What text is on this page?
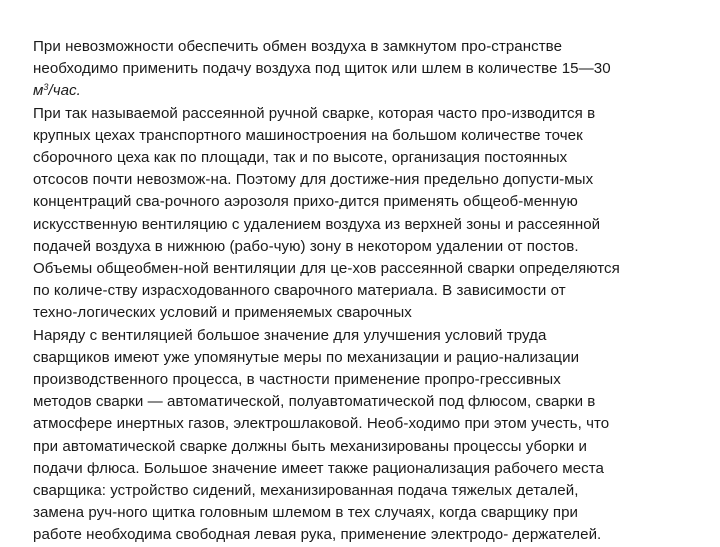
При невозможности обеспечить обмен воздуха в замкнутом про-странстве
необходимо применить подачу воздуха под щиток или шлем в количестве 15—30
$м^3$/час.
При так называемой рассеянной ручной сварке, которая часто про-изводится в
крупных цехах транспортного машиностроения на большом количестве точек
сборочного цеха как по площади, так и по высоте, организация постоянных
отсосов почти невозмож-на. Поэтому для достиже-ния предельно допусти-мых
концентраций сва-рочного аэрозоля прихо-дится применять общеоб-менную
искусственную вентиляцию с удалением воздуха из верхней зоны и рассеянной
подачей воздуха в нижнюю (рабо-чую) зону в некотором удалении от постов.
Объемы общеобмен-ной вентиляции для це-хов рассеянной сварки определяются
по количе-ству израсходованного сварочного материала. В зависимости от
техно-логических условий и применяемых сварочных
Наряду с вентиляцией большое значение для улучшения условий труда
сварщиков имеют уже упомянутые меры по механизации и рацио-нализации
производственного процесса, в частности применение пропро-грессивных
методов сварки — автоматической, полуавтоматической под флюсом, сварки в
атмосфере инертных газов, электрошлаковой. Необ-ходимо при этом учесть, что
при автоматической сварке должны быть механизированы процессы уборки и
подачи флюса. Большое значение имеет также рационализация рабочего места
сварщика: устройство сидений, механизированная подача тяжелых деталей,
замена руч-ного щитка головным шлемом в тех случаях, когда сварщику при
работе необходима свободная левая рука, применение электродо- держателей.
